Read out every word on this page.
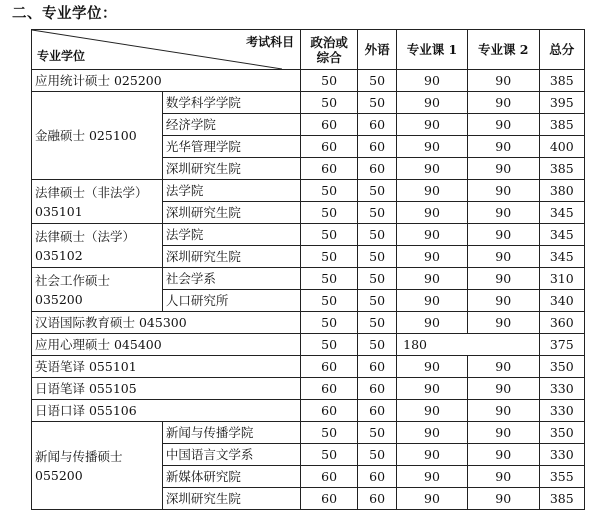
二、专业学位：
考试科目
专业学位		政治或
综合	外语	专业课 1	专业课 2	总分
应用统计硕士 025200		50	50	90	90	385
金融硕士 025100	数学科学学院	50	50	90	90	395
	经济学院	60	60	90	90	385
	光华管理学院	60	60	90	90	400
	深圳研究生院	60	60	90	90	385
法律硕士（非法学）
035101	法学院	50	50	90	90	380
	深圳研究生院	50	50	90	90	345
法律硕士（法学）
035102	法学院	50	50	90	90	345
	深圳研究生院	50	50	90	90	345
社会工作硕士
035200	社会学系	50	50	90	90	310
	人口研究所	50	50	90	90	340
汉语国际教育硕士 045300		50	50	90	90	360
应用心理硕士 045400		50	50	180		375
英语笔译 055101		60	60	90	90	350
日语笔译 055105		60	60	90	90	330
日语口译 055106		60	60	90	90	330
新闻与传播硕士
055200	新闻与传播学院	50	50	90	90	350
	中国语言文学系	50	50	90	90	330
	新媒体研究院	60	60	90	90	355
	深圳研究生院	60	60	90	90	385
